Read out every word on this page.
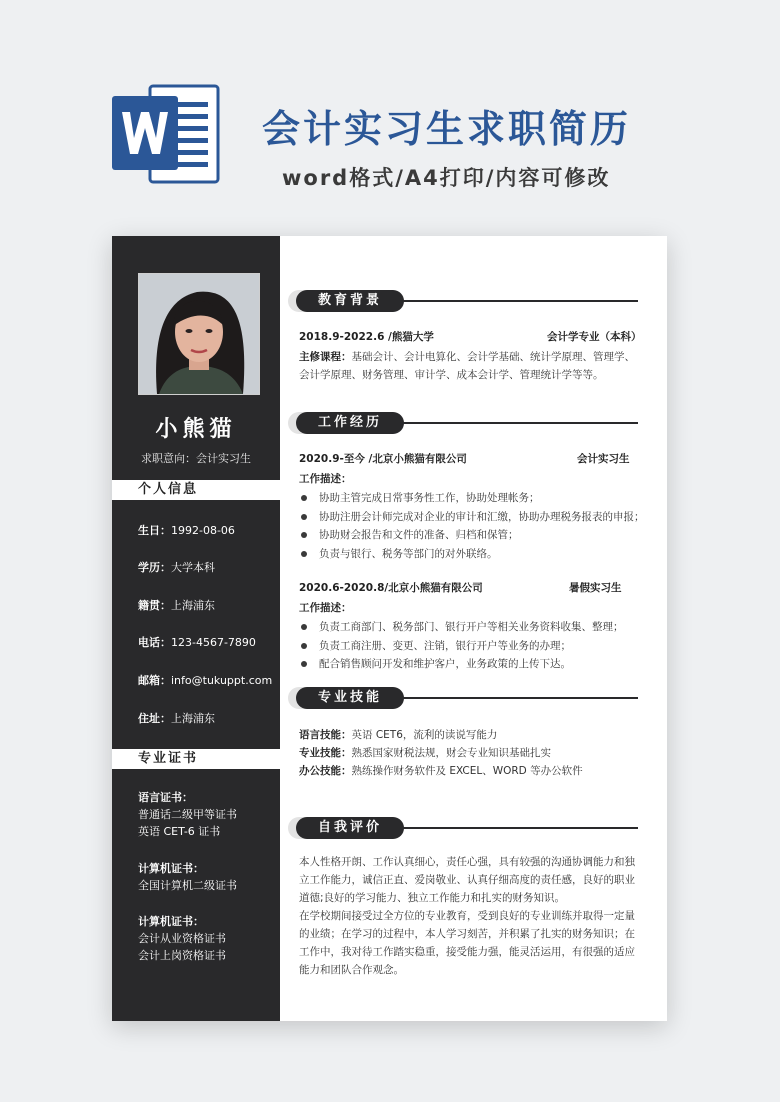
会计实习生求职简历
word格式/A4打印/内容可修改
小熊猫
求职意向：会计实习生
个人信息
生日：1992-08-06
学历：大学本科
籍贯：上海浦东
电话：123-4567-7890
邮箱：info@tukuppt.com
住址：上海浦东
专业证书
语言证书：
普通话二级甲等证书
英语 CET-6 证书
计算机证书：
全国计算机二级证书
计算机证书：
会计从业资格证书
会计上岗资格证书
教育背景
2018.9-2022.6 /熊猫大学	会计学专业（本科）
主修课程：基础会计、会计电算化、会计学基础、统计学原理、管理学、会计学原理、财务管理、审计学、成本会计学、管理统计学等等。
工作经历
2020.9-至今 /北京小熊猫有限公司	会计实习生
工作描述：
协助主管完成日常事务性工作，协助处理帐务；
协助注册会计师完成对企业的审计和汇缴，协助办理税务报表的申报；
协助财会报告和文件的准备、归档和保管；
负责与银行、税务等部门的对外联络。
2020.6-2020.8/北京小熊猫有限公司	暑假实习生
工作描述：
负责工商部门、税务部门、银行开户等相关业务资料收集、整理；
负责工商注册、变更、注销，银行开户等业务的办理；
配合销售顾问开发和维护客户，业务政策的上传下达。
专业技能
语言技能：英语 CET6，流利的读说写能力
专业技能：熟悉国家财税法规，财会专业知识基础扎实
办公技能：熟练操作财务软件及 EXCEL、WORD 等办公软件
自我评价

本人性格开朗、工作认真细心，责任心强，具有较强的沟通协调能力和独立工作能力，诚信正直、爱岗敬业、认真仔细高度的责任感，良好的职业道德;良好的学习能力、独立工作能力和扎实的财务知识。

在学校期间接受过全方位的专业教育，受到良好的专业训练并取得一定量的业绩；在学习的过程中，本人学习刻苦，并积累了扎实的财务知识；在工作中，我对待工作踏实稳重，接受能力强，能灵活运用，有很强的适应能力和团队合作观念。
